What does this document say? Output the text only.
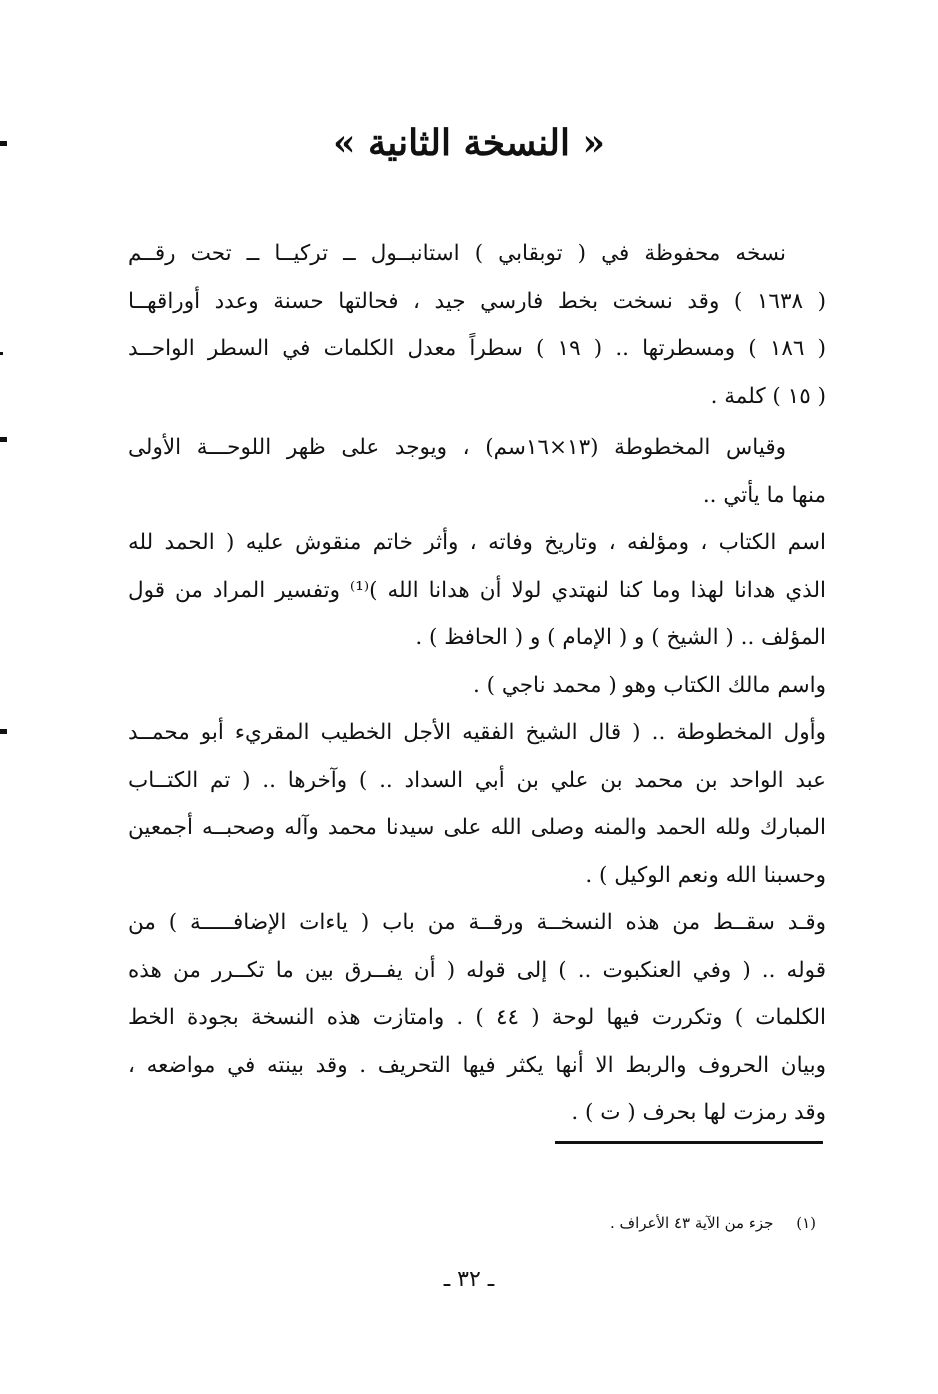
« النسخة الثانية »
نسخه محفوظة في ( توبقابي ) استانبــول ــ تركيــا ــ تحت رقــم
( ١٦٣٨ ) وقد نسخت بخط فارسي جيد ، فحالتها حسنة وعدد أوراقهــا
( ١٨٦ ) ومسطرتها .. ( ١٩ ) سطراً معدل الكلمات في السطر الواحــد
( ١٥ ) كلمة .
وقياس المخطوطة (١٣×١٦سم) ، ويوجد على ظهر اللوحـــة الأولى
منها ما يأتي ..
اسم الكتاب ، ومؤلفه ، وتاريخ وفاته ، وأثر خاتم منقوش عليه ( الحمد لله
الذي هدانا لهذا وما كنا لنهتدي لولا أن هدانا الله )⁽¹⁾ وتفسير المراد من قول
المؤلف .. ( الشيخ ) و ( الإمام ) و ( الحافظ ) .
واسم مالك الكتاب وهو ( محمد ناجي ) .
وأول المخطوطة .. ( قال الشيخ الفقيه الأجل الخطيب المقريء أبو محمــد
عبد الواحد بن محمد بن علي بن أبي السداد .. ) وآخرها .. ( تم الكتــاب
المبارك ولله الحمد والمنه وصلى الله على سيدنا محمد وآله وصحبــه أجمعين
وحسبنا الله ونعم الوكيل ) .
وقـد سقــط من هذه النسخــة ورقــة من باب ( ياءات الإضافـــــة ) من
قوله .. ( وفي العنكبوت .. ) إلى قوله ( أن يفــرق بين ما تكــرر من هذه
الكلمات ) وتكررت فيها لوحة ( ٤٤ ) . وامتازت هذه النسخة بجودة الخط
وبيان الحروف والربط الا أنها يكثر فيها التحريف . وقد بينته في مواضعه ،
وقد رمزت لها بحرف ( ت ) .
(١) جزء من الآية ٤٣ الأعراف .
ـ ٣٢ ـ
